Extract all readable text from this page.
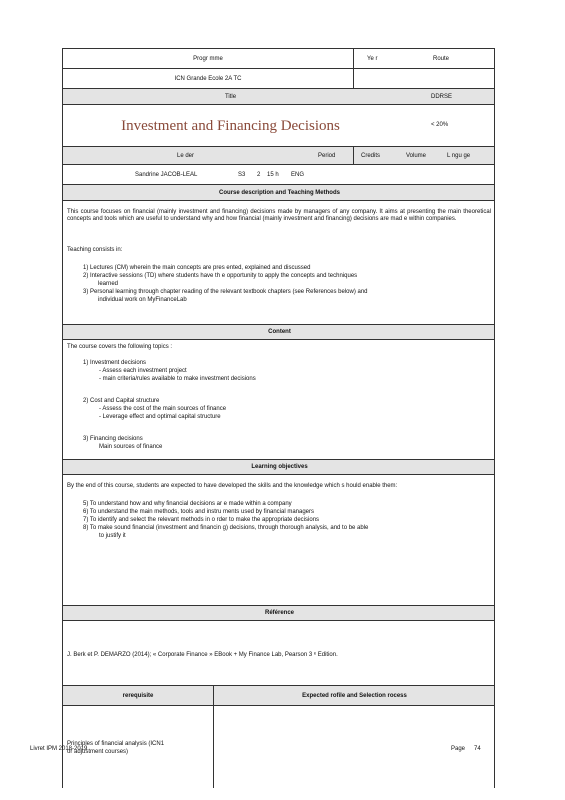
Progr mme	Ye r	Route
ICN Grande Ecole 2A TC
Title	DDRSE
Investment and Financing Decisions	< 20%
Le der	Period	Credits	Volume	L ngu ge
Sandrine JACOB-LEAL	S3 2 15 h ENG
Course description and Teaching Methods

This course focuses on financial (mainly investment and financing) decisions made by managers of any company. It aims at presenting the main theoretical concepts and tools which are useful to understand why and how financial (mainly investment and financing) decisions are mad e within companies.

Teaching consists in:
1) Lectures (CM) wherein the main concepts are pres ented, explained and discussed
2) Interactive sessions (TD) where students have th e opportunity to apply the concepts and techniques
learned
3) Personal learning through chapter reading of the relevant textbook chapters (see References below) and
individual work on MyFinanceLab
Content
The course covers the following topics :
1) Investment decisions
- Assess each investment project
- main criteria/rules available to make investment decisions
2) Cost and Capital structure
- Assess the cost of the main sources of finance
- Leverage effect and optimal capital structure
3) Financing decisions
Main sources of finance
Learning objectives

By the end of this course, students are expected to have developed the skills and the knowledge which s hould enable them:

5) To understand how and why financial decisions ar e made within a company
6) To understand the main methods, tools and instru ments used by financial managers
7) To identify and select the relevant methods in o rder to make the appropriate decisions
8) To make sound financial (investment and financin g) decisions, through thorough analysis, and to be able
to justify it
Référence
J. Berk et P. DEMARZO (2014); « Corporate Finance » EBook + My Finance Lab, Pearson 3 ᵉ Edition.
rerequisite	Expected rofile and Selection rocess
Principles of financial analysis (ICN1
or adjustment courses)
Livret IPM 2018-2019	Page 74
